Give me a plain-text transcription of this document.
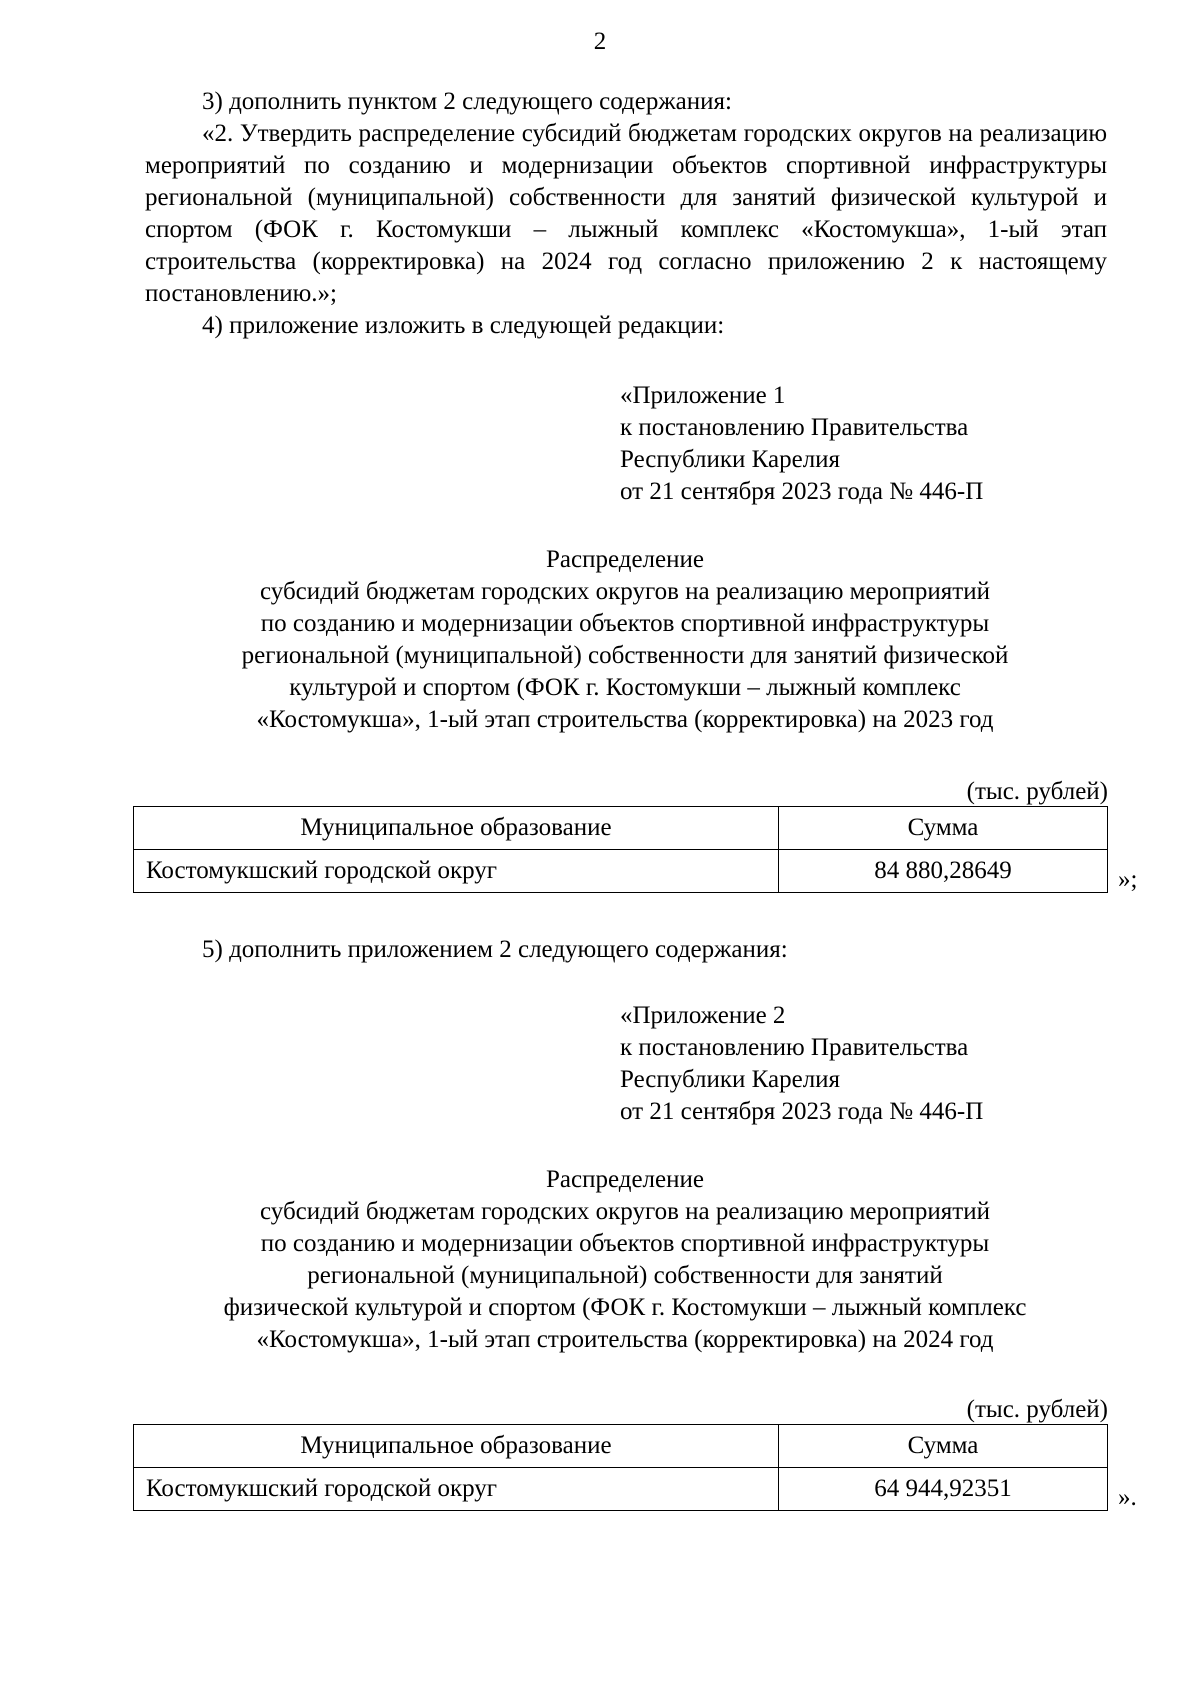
2
3) дополнить пунктом 2 следующего содержания:
«2. Утвердить распределение субсидий бюджетам городских округов на реализацию мероприятий по созданию и модернизации объектов спортивной инфраструктуры региональной (муниципальной) собственности для занятий физической культурой и спортом (ФОК г. Костомукши – лыжный комплекс «Костомукша», 1-ый этап строительства (корректировка) на 2024 год согласно приложению 2 к настоящему постановлению.»;
4) приложение изложить в следующей редакции:
«Приложение 1
к постановлению Правительства
Республики Карелия
от 21 сентября 2023 года № 446-П
Распределение
субсидий бюджетам городских округов на реализацию мероприятий
по созданию и модернизации объектов спортивной инфраструктуры
региональной (муниципальной) собственности для занятий физической
культурой и спортом (ФОК г. Костомукши – лыжный комплекс
«Костомукша», 1-ый этап строительства (корректировка) на 2023 год
(тыс. рублей)
Муниципальное образование	Сумма
Костомукшский городской округ	84 880,28649	»;
5) дополнить приложением 2 следующего содержания:
«Приложение 2
к постановлению Правительства
Республики Карелия
от 21 сентября 2023 года № 446-П
Распределение
субсидий бюджетам городских округов на реализацию мероприятий
по созданию и модернизации объектов спортивной инфраструктуры
региональной (муниципальной) собственности для занятий
физической культурой и спортом (ФОК г. Костомукши – лыжный комплекс
«Костомукша», 1-ый этап строительства (корректировка) на 2024 год
(тыс. рублей)
Муниципальное образование	Сумма
Костомукшский городской округ	64 944,92351	».
